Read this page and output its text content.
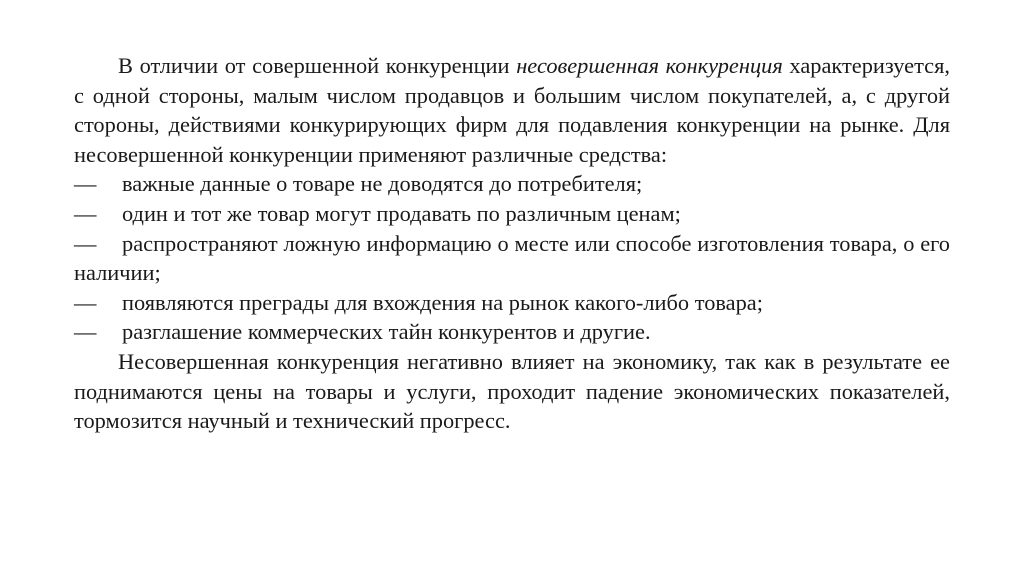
В отличии от совершенной конкуренции несовершенная конкуренция характеризуется, с одной стороны, малым числом продавцов и большим числом покупателей, а, с другой стороны, действиями конкурирующих фирм для подавления конкуренции на рынке. Для несовершенной конкуренции применяют различные средства:

— важные данные о товаре не доводятся до потребителя;

— один и тот же товар могут продавать по различным ценам;

— распространяют ложную информацию о месте или способе изготовления товара, о его наличии;

— появляются преграды для вхождения на рынок какого-либо товара;

— разглашение коммерческих тайн конкурентов и другие.

Несовершенная конкуренция негативно влияет на экономику, так как в результате ее поднимаются цены на товары и услуги, проходит падение экономических показателей, тормозится научный и технический прогресс.
